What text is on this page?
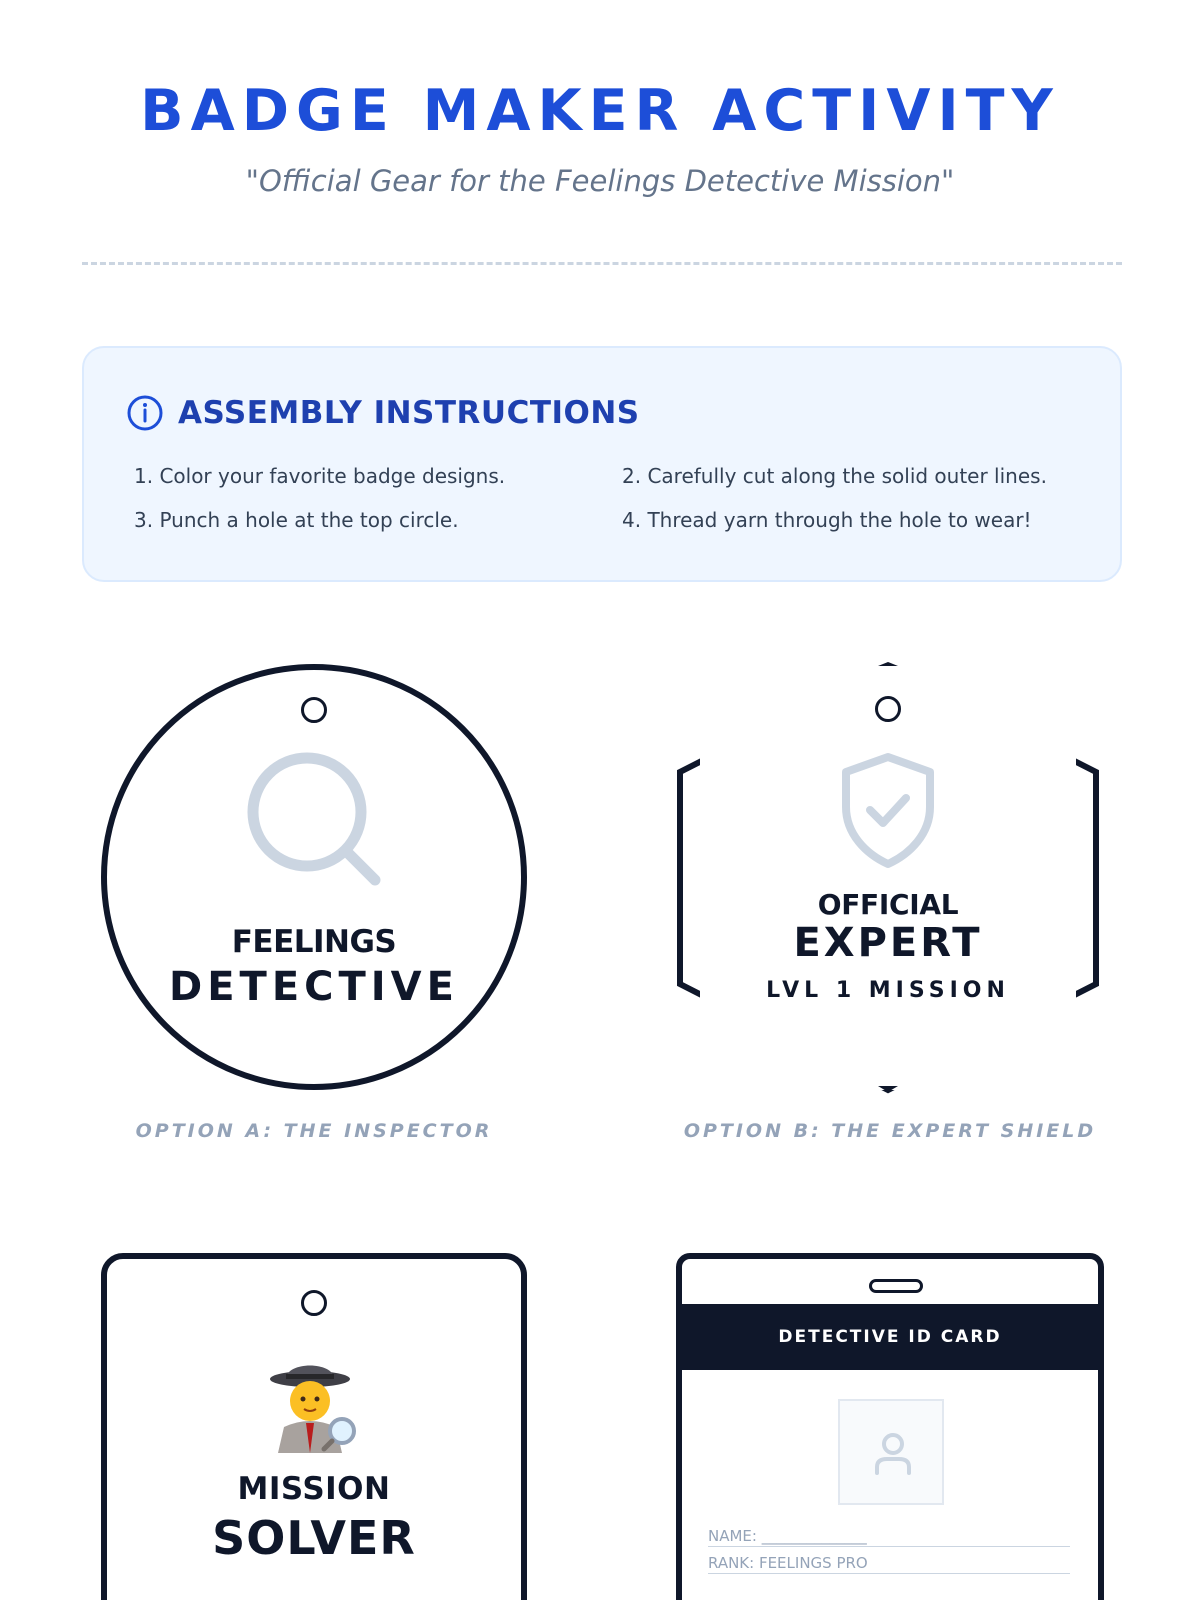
BADGE MAKER ACTIVITY
"Official Gear for the Feelings Detective Mission"
ASSEMBLY INSTRUCTIONS
1. Color your favorite badge designs.	2. Carefully cut along the solid outer lines.
3. Punch a hole at the top circle.	4. Thread yarn through the hole to wear!
FEELINGS
DETECTIVE
OPTION A: THE INSPECTOR
OFFICIAL
EXPERT
LVL 1 MISSION
OPTION B: THE EXPERT SHIELD
MISSION
SOLVER
DETECTIVE ID CARD
NAME: ______________
RANK: FEELINGS PRO
